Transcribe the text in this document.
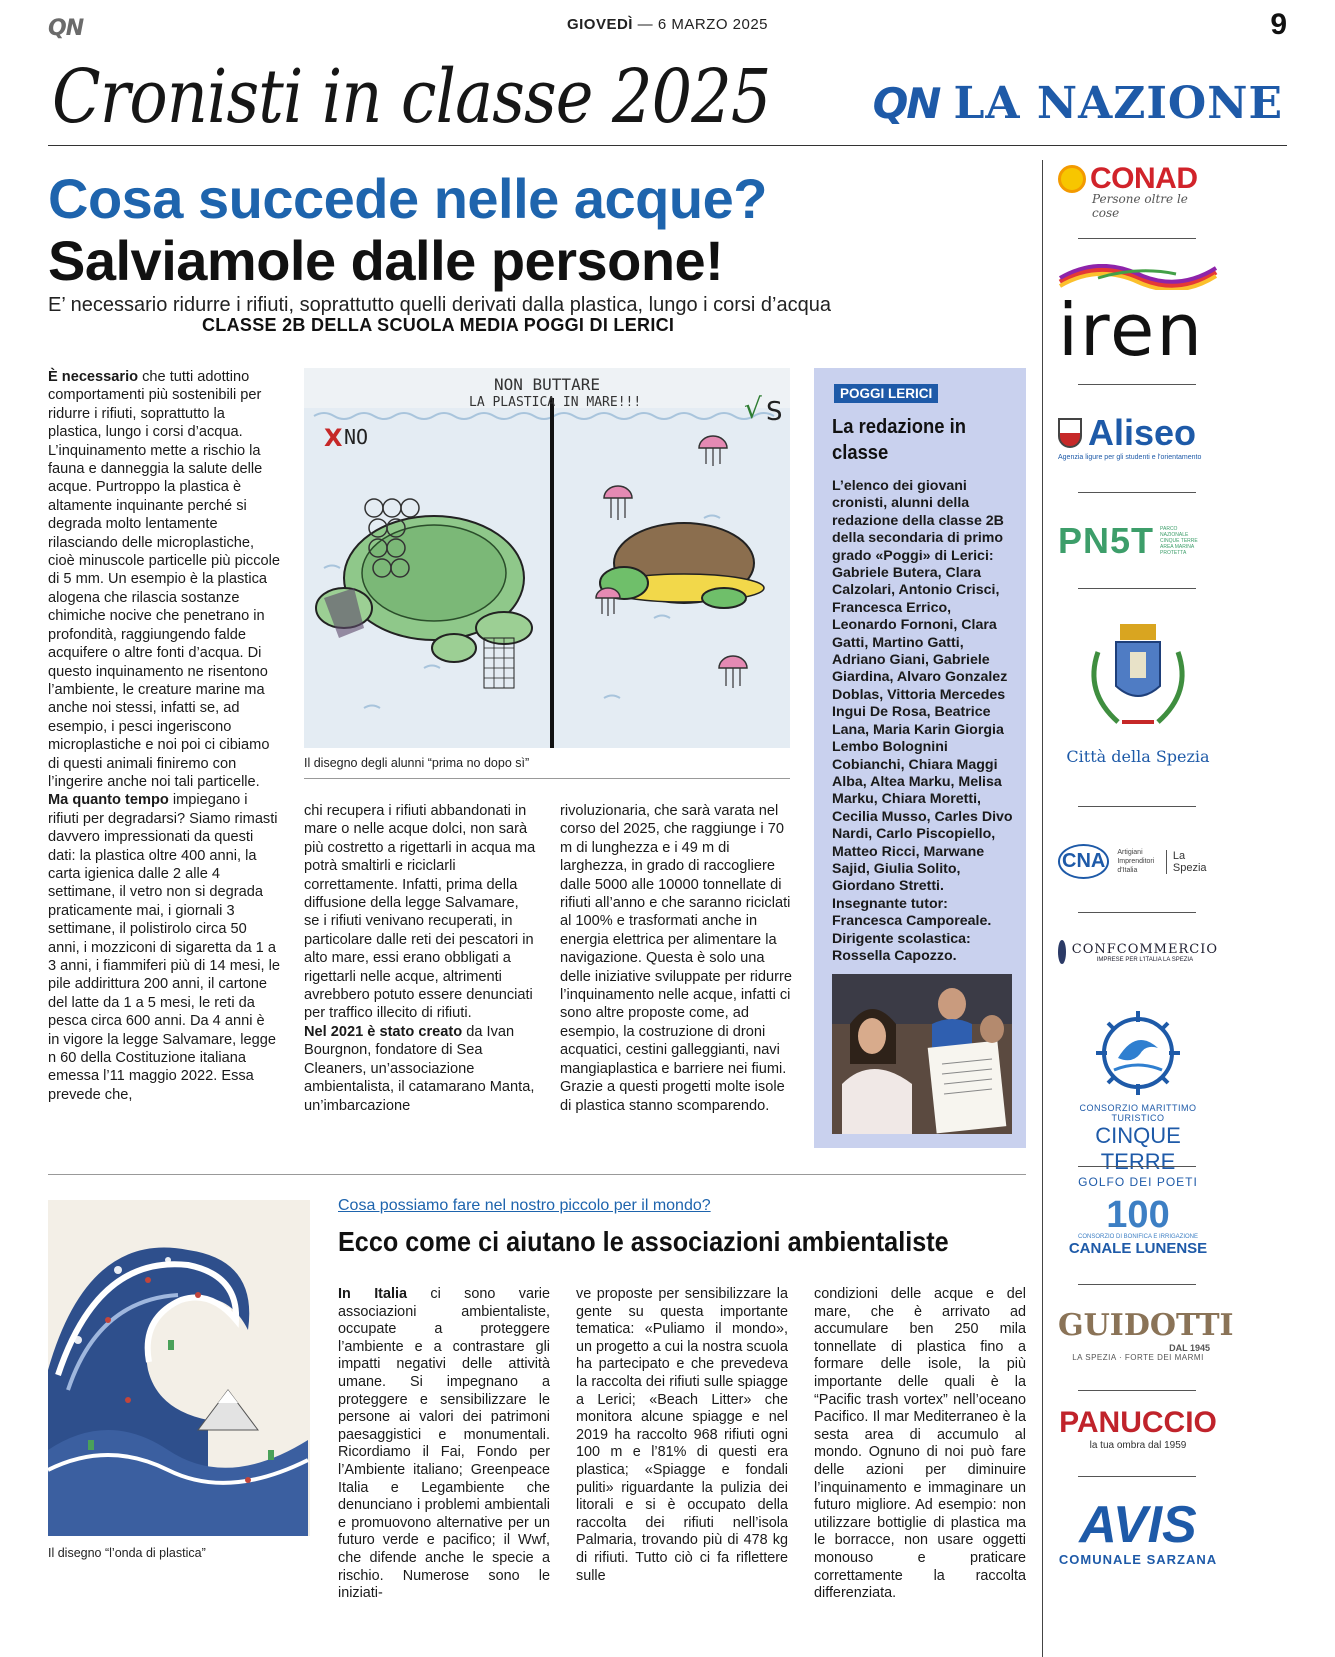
QN	GIOVEDÌ — 6 MARZO 2025	9
Cronisti in classe 2025 QN LA NAZIONE
Cosa succede nelle acque?
Salviamole dalle persone!
E’ necessario ridurre i rifiuti, soprattutto quelli derivati dalla plastica, lungo i corsi d’acqua
CLASSE 2B DELLA SCUOLA MEDIA POGGI DI LERICI
È necessario che tutti adottino comportamenti più sostenibili per ridurre i rifiuti, soprattutto la plastica, lungo i corsi d’acqua. L’inquinamento mette a rischio la fauna e danneggia la salute delle acque. Purtroppo la plastica è altamente inquinante perché si degrada molto lentamente rilasciando delle microplastiche, cioè minuscole particelle più piccole di 5 mm. Un esempio è la plastica alogena che rilascia sostanze chimiche nocive che penetrano in profondità, raggiungendo falde acquifere o altre fonti d’acqua. Di questo inquinamento ne risentono l’ambiente, le creature marine ma anche noi stessi, infatti se, ad esempio, i pesci ingeriscono microplastiche e noi poi ci cibiamo di questi animali finiremo con l’ingerire anche noi tali particelle.
Ma quanto tempo impiegano i rifiuti per degradarsi? Siamo rimasti davvero impressionati da questi dati: la plastica oltre 400 anni, la carta igienica dalle 2 alle 4 settimane, il vetro non si degrada praticamente mai, i giornali 3 settimane, il polistirolo circa 50 anni, i mozziconi di sigaretta da 1 a 3 anni, i fiammiferi più di 14 mesi, le pile addirittura 200 anni, il cartone del latte da 1 a 5 mesi, le reti da pesca circa 600 anni. Da 4 anni è in vigore la legge Salvamare, legge n 60 della Costituzione italiana emessa l’11 maggio 2022. Essa prevede che,
NON BUTTARE
LA PLASTICA IN MARE!!!
X NO
√ S
Il disegno degli alunni “prima no dopo sì”
chi recupera i rifiuti abbandonati in mare o nelle acque dolci, non sarà più costretto a rigettarli in acqua ma potrà smaltirli e riciclarli correttamente. Infatti, prima della diffusione della legge Salvamare, se i rifiuti venivano recuperati, in particolare dalle reti dei pescatori in alto mare, essi erano obbligati a rigettarli nelle acque, altrimenti avrebbero potuto essere denunciati per traffico illecito di rifiuti.
Nel 2021 è stato creato da Ivan Bourgnon, fondatore di Sea Cleaners, un’associazione ambientalista, il catamarano Manta, un’imbarcazione
rivoluzionaria, che sarà varata nel corso del 2025, che raggiunge i 70 m di lunghezza e i 49 m di larghezza, in grado di raccogliere dalle 5000 alle 10000 tonnellate di rifiuti all’anno e che saranno riciclati al 100% e trasformati anche in energia elettrica per alimentare la navigazione. Questa è solo una delle iniziative sviluppate per ridurre l’inquinamento nelle acque, infatti ci sono altre proposte come, ad esempio, la costruzione di droni acquatici, cestini galleggianti, navi mangiaplastica e barriere nei fiumi. Grazie a questi progetti molte isole di plastica stanno scomparendo.
POGGI LERICI
La redazione in classe
L’elenco dei giovani cronisti, alunni della redazione della classe 2B della secondaria di primo grado «Poggi» di Lerici: Gabriele Butera, Clara Calzolari, Antonio Crisci, Francesca Errico, Leonardo Fornoni, Clara Gatti, Martino Gatti, Adriano Giani, Gabriele Giardina, Alvaro Gonzalez Doblas, Vittoria Mercedes Ingui De Rosa, Beatrice Lana, Maria Karin Giorgia Lembo Bolognini Cobianchi, Chiara Maggi Alba, Altea Marku, Melisa Marku, Chiara Moretti, Cecilia Musso, Carles Divo Nardi, Carlo Piscopiello, Matteo Ricci, Marwane Sajid, Giulia Solito, Giordano Stretti. Insegnante tutor: Francesca Camporeale. Dirigente scolastica: Rossella Capozzo.
Il disegno “l’onda di plastica”
Cosa possiamo fare nel nostro piccolo per il mondo?
Ecco come ci aiutano le associazioni ambientaliste
In Italia ci sono varie associazioni ambientaliste, occupate a proteggere l’ambiente e a contrastare gli impatti negativi delle attività umane. Si impegnano a proteggere e sensibilizzare le persone ai valori dei patrimoni paesaggistici e monumentali. Ricordiamo il Fai, Fondo per l’Ambiente italiano; Greenpeace Italia e Legambiente che denunciano i problemi ambientali e promuovono alternative per un futuro verde e pacifico; il Wwf, che difende anche le specie a rischio. Numerose sono le iniziati-
ve proposte per sensibilizzare la gente su questa importante tematica: «Puliamo il mondo», un progetto a cui la nostra scuola ha partecipato e che prevedeva la raccolta dei rifiuti sulle spiagge a Lerici; «Beach Litter» che monitora alcune spiagge e nel 2019 ha raccolto 968 rifiuti ogni 100 m e l’81% di questi era plastica; «Spiagge e fondali puliti» riguardante la pulizia dei litorali e si è occupato della raccolta dei rifiuti nell’isola Palmaria, trovando più di 478 kg di rifiuti. Tutto ciò ci fa riflettere sulle
condizioni delle acque e del mare, che è arrivato ad accumulare ben 250 mila tonnellate di plastica fino a formare delle isole, la più importante delle quali è la “Pacific trash vortex” nell’oceano Pacifico. Il mar Mediterraneo è la sesta area di accumulo al mondo. Ognuno di noi può fare delle azioni per diminuire l’inquinamento e immaginare un futuro migliore. Ad esempio: non utilizzare bottiglie di plastica ma le borracce, non usare oggetti monouso e praticare correttamente la raccolta differenziata.
CONAD
Persone oltre le cose
iren
Aliseo
Agenzia ligure per gli studenti e l'orientamento
PN5T PARCO NAZIONALE CINQUE TERRE AREA MARINA PROTETTA
Città della Spezia
CNA	Artigiani Imprenditori d'Italia
La Spezia
CONFCOMMERCIO
IMPRESE PER L'ITALIA LA SPEZIA
CONSORZIO MARITTIMO TURISTICO
CINQUE TERRE
GOLFO DEI POETI
100
CONSORZIO DI BONIFICA E IRRIGAZIONE
CANALE LUNENSE
GUIDOTTI
DAL 1945
LA SPEZIA · FORTE DEI MARMI
PANUCCIO
la tua ombra dal 1959
AVIS
COMUNALE SARZANA
